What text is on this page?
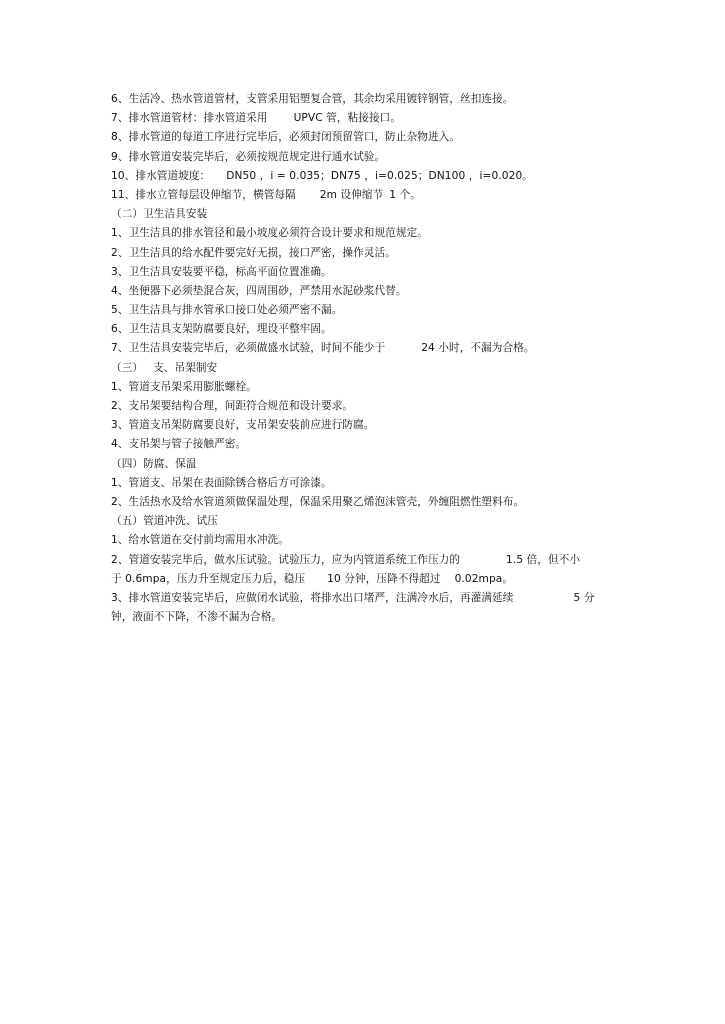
6、生活冷、热水管道管材，支管采用铝塑复合管，其余均采用镀锌钢管，丝扣连接。
7、排水管道管材：排水管道采用 UPVC 管，粘接接口。
8、排水管道的每道工序进行完毕后，必须封闭预留管口，防止杂物进入。
9、排水管道安装完毕后，必须按规范规定进行通水试验。
10、排水管道坡度： DN50 ，i = 0.035；DN75 ，i=0.025；DN100 ，i=0.020。
11、排水立管每层设伸缩节，横管每隔 2m 设伸缩节 1 个。
（二）卫生洁具安装
1、卫生洁具的排水管径和最小坡度必须符合设计要求和规范规定。
2、卫生洁具的给水配件要完好无损，接口严密，操作灵活。
3、卫生洁具安装要平稳，标高平面位置准确。
4、坐便器下必须垫混合灰，四周围砂，严禁用水泥砂浆代替。
5、卫生洁具与排水管承口接口处必须严密不漏。
6、卫生洁具支架防腐要良好，埋设平整牢固。
7、卫生洁具安装完毕后，必须做盛水试验，时间不能少于	24 小时，不漏为合格。
（三） 支、吊架制安
1、管道支吊架采用膨胀螺栓。
2、支吊架要结构合理，间距符合规范和设计要求。
3、管道支吊架防腐要良好，支吊架安装前应进行防腐。
4、支吊架与管子接触严密。
（四）防腐、保温
1、管道支、吊架在表面除锈合格后方可涂漆。
2、生活热水及给水管道须做保温处理，保温采用聚乙烯泡沫管壳，外缠阻燃性塑料布。
（五）管道冲洗、试压
1、给水管道在交付前均需用水冲洗。
2、管道安装完毕后，做水压试验。试验压力，应为内管道系统工作压力的	1.5 倍，但不小
于 0.6mpa，压力升至规定压力后，稳压 10 分钟，压降不得超过 0.02mpa。
3、排水管道安装完毕后，应做闭水试验，将排水出口堵严，注满冷水后，再灌满延续	5 分
钟，液面不下降，不渗不漏为合格。
